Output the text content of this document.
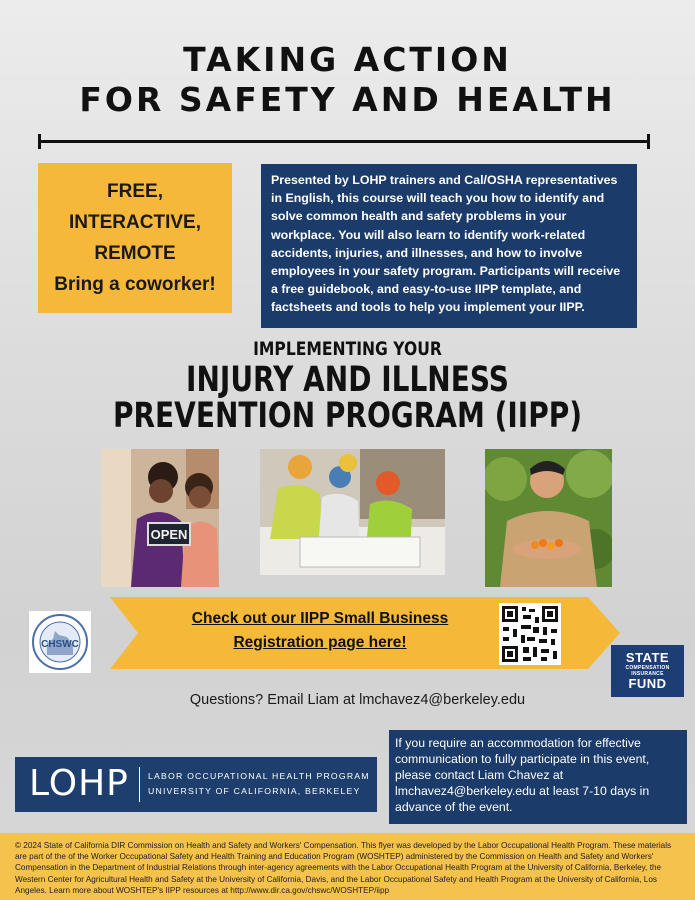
TAKING ACTION
FOR SAFETY AND HEALTH
FREE,
INTERACTIVE,
REMOTE
Bring a coworker!
Presented by LOHP trainers and Cal/OSHA representatives in English, this course will teach you how to identify and solve common health and safety problems in your workplace. You will also learn to identify work-related accidents, injuries, and illnesses, and how to involve employees in your safety program. Participants will receive a free guidebook, and easy-to-use IIPP template, and factsheets and tools to help you implement your IIPP.
IMPLEMENTING YOUR
INJURY AND ILLNESS
PREVENTION PROGRAM (IIPP)
OPEN
CHSWC
Check out our IIPP Small Business
Registration page here!
STATE
COMPENSATION INSURANCE
FUND
Questions? Email Liam at lmchavez4@berkeley.edu
LOHP LABOR OCCUPATIONAL HEALTH PROGRAM
UNIVERSITY OF CALIFORNIA, BERKELEY
If you require an accommodation for effective communication to fully participate in this event, please contact Liam Chavez at lmchavez4@berkeley.edu at least 7-10 days in advance of the event.
© 2024 State of California DIR Commission on Health and Safety and Workers' Compensation. This flyer was developed by the Labor Occupational Health Program. These materials are part of the of the Worker Occupational Safety and Health Training and Education Program (WOSHTEP) administered by the Commission on Health and Safety and Workers' Compensation in the Department of Industrial Relations through inter-agency agreements with the Labor Occupational Health Program at the University of California, Berkeley, the Western Center for Agricultural Health and Safety at the University of California, Davis, and the Labor Occupational Safety and Health Program at the University of California, Los Angeles. Learn more about WOSHTEP's IIPP resources at http://www.dir.ca.gov/chswc/WOSHTEP/iipp
